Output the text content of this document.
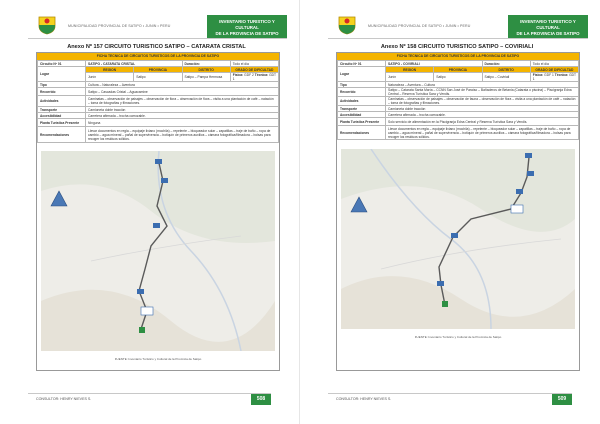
MUNICIPALIDAD PROVINCIAL DE SATIPO • JUNIN • PERU
INVENTARIO TURISTICO Y CULTURAL
DE LA PROVINCIA DE SATIPO
Anexo Nº 157 CIRCUITO TURISTICO SATIPO – CATARATA CRISTAL
FICHA TECNICA DE CIRCUITOS TURISTICOS DE LA PROVINCIA DE SATIPO
Circuito Nº 01	SATIPO - CATARATA CRISTAL		Duración:	Todo el día
Lugar	REGION	PROVINCIA	DISTRITO	GRADO DE DIFICULTAD
	Junín	Satipo	Satipo – Pampa Hermosa	Física: GDF 2 Técnica: GDT 1
Tipo	Cultura – Naturaleza – Aventura			
Recorrido	Satipo – Cascadas Cristal – Aguacamine			
Actividades	Caminatas – observación de paisajes – observación de flora – observación de flora – visita a una plantación de café – natación – toma de fotografías y filmaciones.			
Transporte	Camioneta doble tracción			
Accesibilidad	Carretera afirmada – trocha carrozable.			
Planta Turística Presente	Ninguna			
Recomendaciones	Llevar documentos en regla – equipaje liviano (mochila) – repelente – bloqueador solar – zapatillas – traje de baño – ropa de cambio – agua mineral – pañal de supervivencia – botiquín de primeros auxilios – cámara fotográfica/filmadora – bolsas para recoger los residuos sólidos.			
FUENTE: Inventario Turístico y Cultural de la Provincia de Satipo
CONSULTOR: HENRY NIEVES S.	508
MUNICIPALIDAD PROVINCIAL DE SATIPO • JUNIN • PERU
INVENTARIO TURISTICO Y CULTURAL
DE LA PROVINCIA DE SATIPO
Anexo Nº 158 CIRCUITO TURISTICO SATIPO – COVIRIALI
FICHA TECNICA DE CIRCUITOS TURISTICOS DE LA PROVINCIA DE SATIPO
Circuito Nº 01	SATIPO - COVIRIALI		Duración:	Todo el día
Lugar	REGION	PROVINCIA	DISTRITO	GRADO DE DIFICULTAD
	Junín	Satipo	Satipo – Coviriali	Física: GDF 1 Técnica: GDT 1
Tipo	Naturaleza – Aventura – Cultura			
Recorrido	Satipo – Catarata Santa María – CCNN San José de Paraíso – Bañaderos de Betania (Catarata o piscina) – Piscigranja Edna Central – Reserva Turística Sara y Vendis.			
Actividades	Caminatas – observación de paisajes – observación de fauna – observación de flora – visita a una plantación de café – natación – toma de fotografías y filmaciones.			
Transporte	Camioneta doble tracción			
Accesibilidad	Carretera afirmada – trocha carrozable.			
Planta Turística Presente	Solo servicio de alimentación en la Piscigranja Edna Central y Reserva Turística Sara y Vendis.			
Recomendaciones	Llevar documentos en regla – equipaje liviano (mochila) – repelente – bloqueador solar – zapatillas – traje de baño – ropa de cambio – agua mineral – pañal de supervivencia – botiquín de primeros auxilios – cámara fotográfica/filmadora – bolsas para recoger los residuos sólidos.			
FUENTE: Inventario Turístico y Cultural de la Provincia de Satipo
CONSULTOR: HENRY NIEVES S.	509
